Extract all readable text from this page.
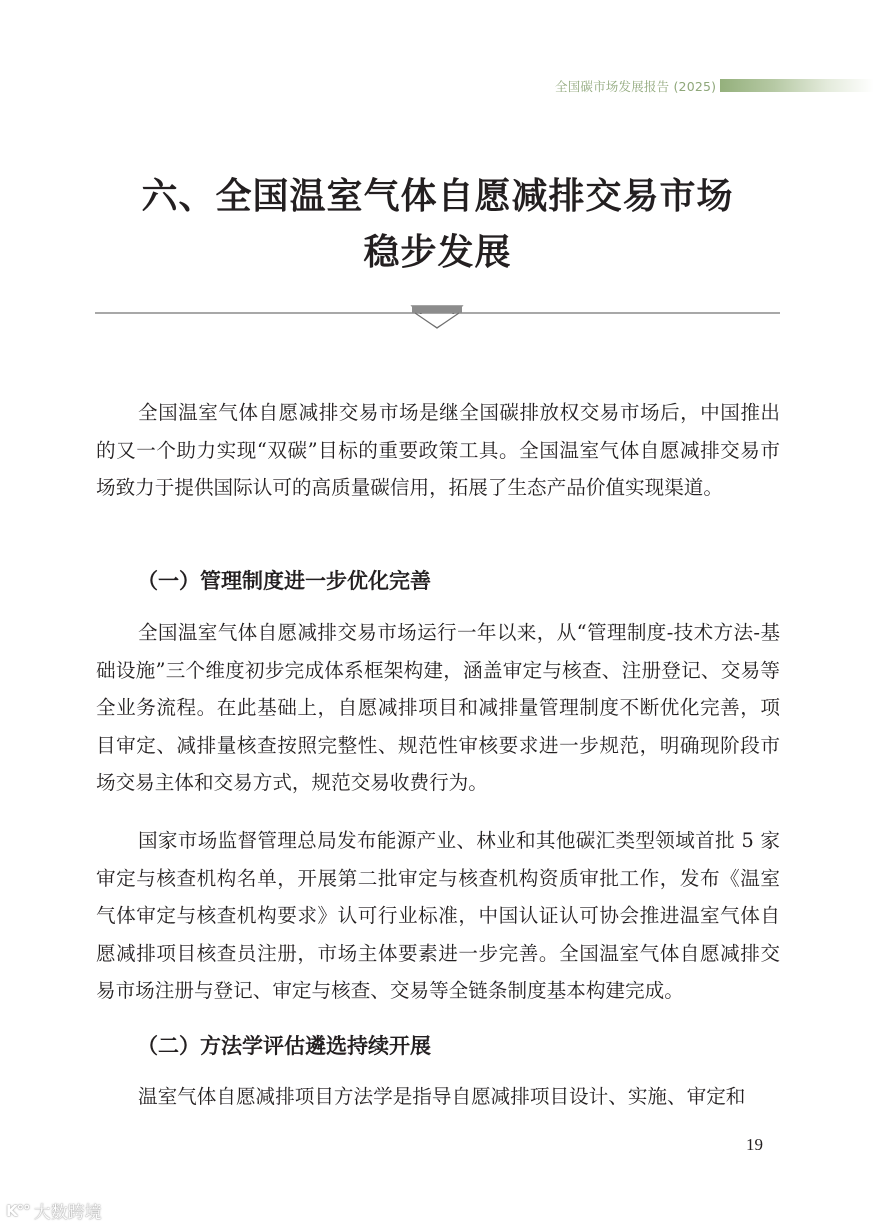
全国碳市场发展报告 (2025)
六、全国温室气体自愿减排交易市场
稳步发展

全国温室气体自愿减排交易市场是继全国碳排放权交易市场后，中国推出的又一个助力实现“双碳”目标的重要政策工具。全国温室气体自愿减排交易市场致力于提供国际认可的高质量碳信用，拓展了生态产品价值实现渠道。

（一）管理制度进一步优化完善

全国温室气体自愿减排交易市场运行一年以来，从“管理制度-技术方法-基础设施”三个维度初步完成体系框架构建，涵盖审定与核查、注册登记、交易等全业务流程。在此基础上，自愿减排项目和减排量管理制度不断优化完善，项目审定、减排量核查按照完整性、规范性审核要求进一步规范，明确现阶段市场交易主体和交易方式，规范交易收费行为。

国家市场监督管理总局发布能源产业、林业和其他碳汇类型领域首批 5 家审定与核查机构名单，开展第二批审定与核查机构资质审批工作，发布《温室气体审定与核查机构要求》认可行业标准，中国认证认可协会推进温室气体自愿减排项目核查员注册，市场主体要素进一步完善。全国温室气体自愿减排交易市场注册与登记、审定与核查、交易等全链条制度基本构建完成。

（二）方法学评估遴选持续开展

温室气体自愿减排项目方法学是指导自愿减排项目设计、实施、审定和

19
K°° 大数跨境
